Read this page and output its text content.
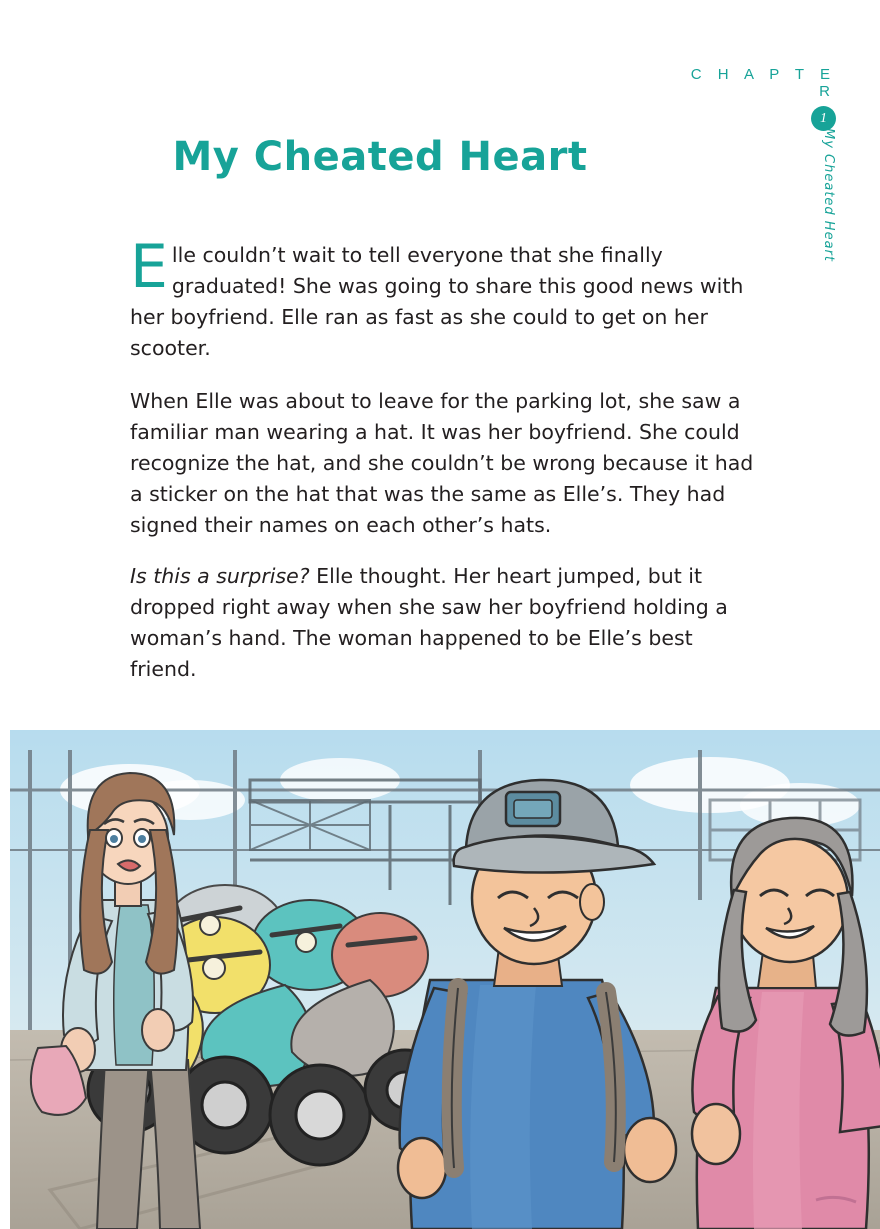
C H A P T E R
1
My Cheated Heart
My Cheated Heart

Elle couldn’t wait to tell everyone that she finally graduated! She was going to share this good news with her boyfriend. Elle ran as fast as she could to get on her scooter.

When Elle was about to leave for the parking lot, she saw a familiar man wearing a hat. It was her boyfriend. She could recognize the hat, and she couldn’t be wrong because it had a sticker on the hat that was the same as Elle’s. They had signed their names on each other’s hats.

Is this a surprise? Elle thought. Her heart jumped, but it dropped right away when she saw her boyfriend holding a woman’s hand. The woman happened to be Elle’s best friend.
